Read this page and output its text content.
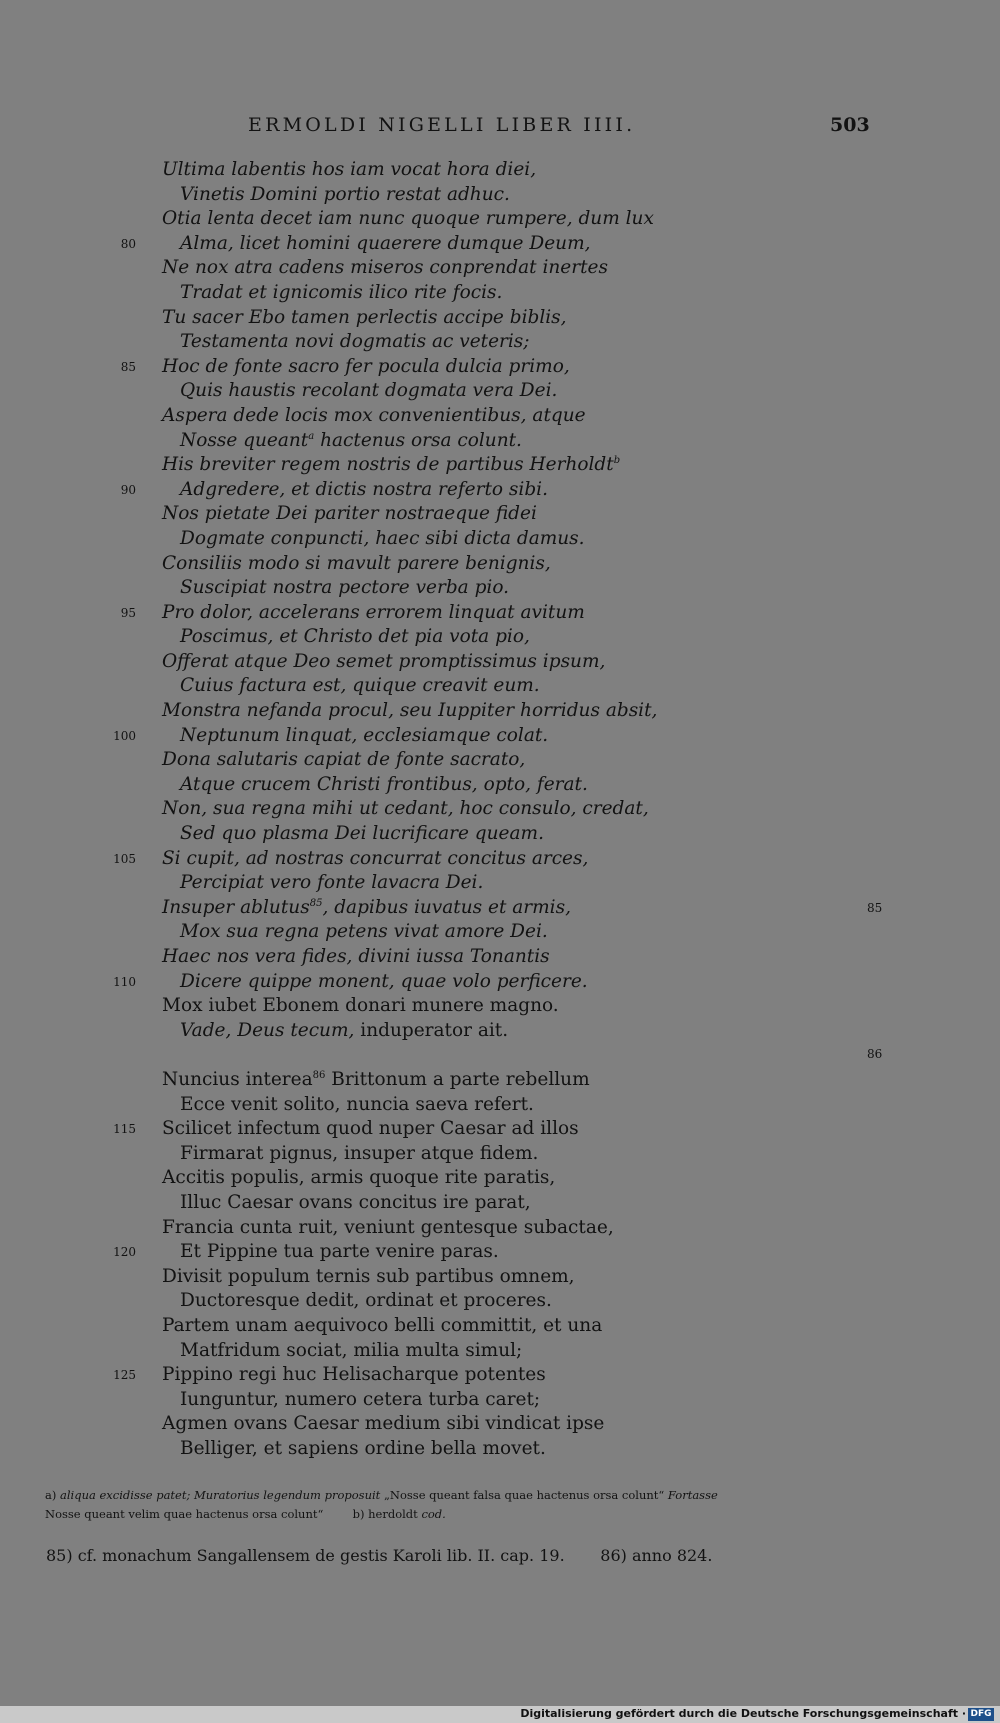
ERMOLDI NIGELLI LIBER IIII.	503
Ultima labentis hos iam vocat hora diei,
Vinetis Domini portio restat adhuc.
Otia lenta decet iam nunc quoque rumpere, dum lux
80 Alma, licet homini quaerere dumque Deum,
Ne nox atra cadens miseros conprendat inertes
Tradat et ignicomis ilico rite focis.
Tu sacer Ebo tamen perlectis accipe biblis,
Testamenta novi dogmatis ac veteris;
85 Hoc de fonte sacro fer pocula dulcia primo,
Quis haustis recolant dogmata vera Dei.
Aspera dede locis mox convenientibus, atque
Nosse queant$^a$ hactenus orsa colunt.
His breviter regem nostris de partibus Herholdt$^b$
90 Adgredere, et dictis nostra referto sibi.
Nos pietate Dei pariter nostraeque fidei
Dogmate conpuncti, haec sibi dicta damus.
Consiliis modo si mavult parere benignis,
Suscipiat nostra pectore verba pio.
95 Pro dolor, accelerans errorem linquat avitum
Poscimus, et Christo det pia vota pio,
Offerat atque Deo semet promptissimus ipsum,
Cuius factura est, quique creavit eum.
Monstra nefanda procul, seu Iuppiter horridus absit,
100 Neptunum linquat, ecclesiamque colat.
Dona salutaris capiat de fonte sacrato,
Atque crucem Christi frontibus, opto, ferat.
Non, sua regna mihi ut cedant, hoc consulo, credat,
Sed quo plasma Dei lucrificare queam.
105 Si cupit, ad nostras concurrat concitus arces,
Percipiat vero fonte lavacra Dei.
Insuper ablutus$^{85}$, dapibus iuvatus et armis,	85
Mox sua regna petens vivat amore Dei.
Haec nos vera fides, divini iussa Tonantis
110 Dicere quippe monent, quae volo perficere.
Mox iubet Ebonem donari munere magno.
Vade, Deus tecum, induperator ait.
86
Nuncius interea$^{86}$ Brittonum a parte rebellum
Ecce venit solito, nuncia saeva refert.
115 Scilicet infectum quod nuper Caesar ad illos
Firmarat pignus, insuper atque fidem.
Accitis populis, armis quoque rite paratis,
Illuc Caesar ovans concitus ire parat,
Francia cunta ruit, veniunt gentesque subactae,
120 Et Pippine tua parte venire paras.
Divisit populum ternis sub partibus omnem,
Ductoresque dedit, ordinat et proceres.
Partem unam aequivoco belli committit, et una
Matfridum sociat, milia multa simul;
125 Pippino regi huc Helisacharque potentes
Iunguntur, numero cetera turba caret;
Agmen ovans Caesar medium sibi vindicat ipse
Belliger, et sapiens ordine bella movet.
a) aliqua excidisse patet; Muratorius legendum proposuit „Nosse queant falsa quae hactenus orsa colunt“ Fortasse
Nosse queant velim quae hactenus orsa colunt“	b) herdoldt cod.
85) cf. monachum Sangallensem de gestis Karoli lib. II. cap. 19. 86) anno 824.
Digitalisierung gefördert durch die Deutsche Forschungsgemeinschaft · DFG
